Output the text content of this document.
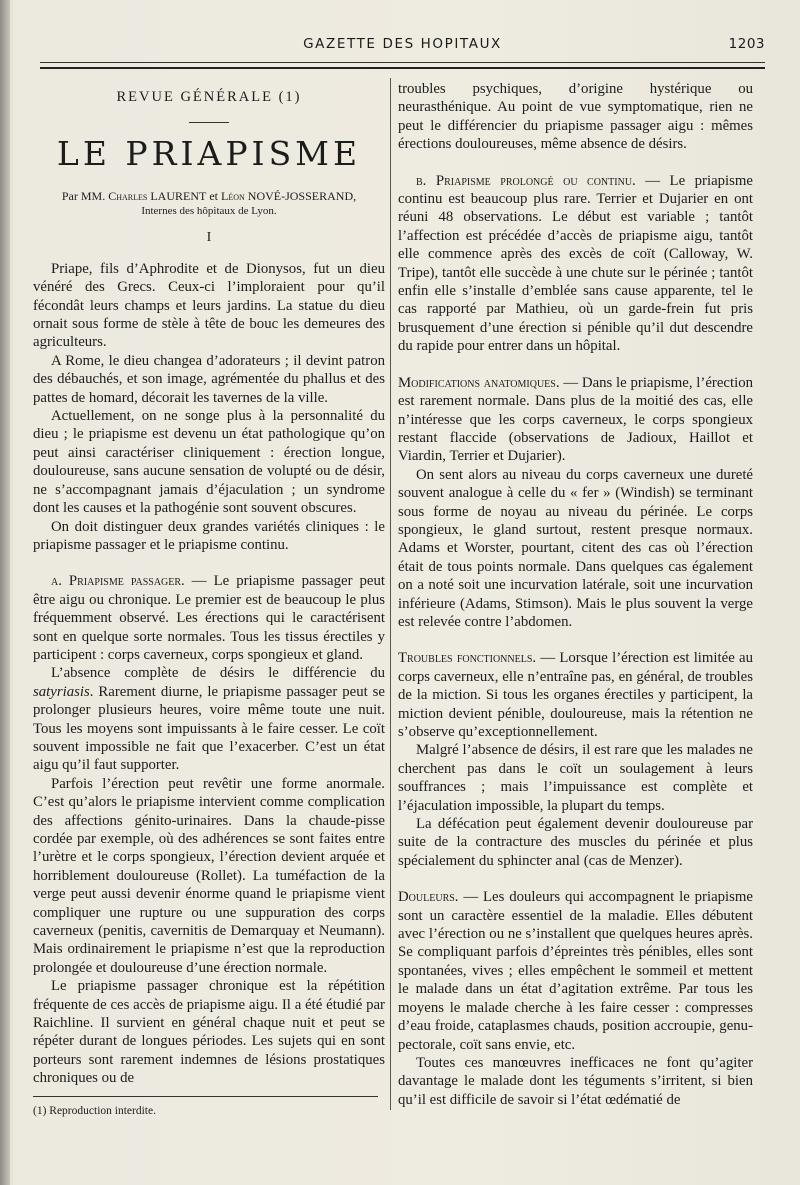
GAZETTE DES HOPITAUX	1203
REVUE GÉNÉRALE (1)
LE PRIAPISME
Par MM. Charles LAURENT et Léon NOVÉ-JOSSERAND,
Internes des hôpitaux de Lyon.
I

Priape, fils d’Aphrodite et de Dionysos, fut un dieu vénéré des Grecs. Ceux-ci l’imploraient pour qu’il fécondât leurs champs et leurs jardins. La statue du dieu ornait sous forme de stèle à tête de bouc les demeures des agriculteurs.

A Rome, le dieu changea d’adorateurs ; il devint patron des débauchés, et son image, agrémentée du phallus et des pattes de homard, décorait les tavernes de la ville.

Actuellement, on ne songe plus à la personnalité du dieu ; le priapisme est devenu un état pathologique qu’on peut ainsi caractériser cliniquement : érection longue, douloureuse, sans aucune sensation de volupté ou de désir, ne s’accompagnant jamais d’éjaculation ; un syndrome dont les causes et la pathogénie sont souvent obscures.

On doit distinguer deux grandes variétés cliniques : le priapisme passager et le priapisme continu.

a. Priapisme passager. — Le priapisme passager peut être aigu ou chronique. Le premier est de beaucoup le plus fréquemment observé. Les érections qui le caractérisent sont en quelque sorte normales. Tous les tissus érectiles y participent : corps caverneux, corps spongieux et gland.

L’absence complète de désirs le différencie du satyriasis. Rarement diurne, le priapisme passager peut se prolonger plusieurs heures, voire même toute une nuit. Tous les moyens sont impuissants à le faire cesser. Le coït souvent impossible ne fait que l’exacerber. C’est un état aigu qu’il faut supporter.

Parfois l’érection peut revêtir une forme anormale. C’est qu’alors le priapisme intervient comme complication des affections génito-urinaires. Dans la chaude-pisse cordée par exemple, où des adhérences se sont faites entre l’urètre et le corps spongieux, l’érection devient arquée et horriblement douloureuse (Rollet). La tuméfaction de la verge peut aussi devenir énorme quand le priapisme vient compliquer une rupture ou une suppuration des corps caverneux (penitis, cavernitis de Demarquay et Neumann). Mais ordinairement le priapisme n’est que la reproduction prolongée et douloureuse d’une érection normale.

Le priapisme passager chronique est la répétition fréquente de ces accès de priapisme aigu. Il a été étudié par Raichline. Il survient en général chaque nuit et peut se répéter durant de longues périodes. Les sujets qui en sont porteurs sont rarement indemnes de lésions prostatiques chroniques ou de

(1) Reproduction interdite.

troubles psychiques, d’origine hystérique ou neurasthénique. Au point de vue symptomatique, rien ne peut le différencier du priapisme passager aigu : mêmes érections douloureuses, même absence de désirs.

b. Priapisme prolongé ou continu. — Le priapisme continu est beaucoup plus rare. Terrier et Dujarier en ont réuni 48 observations. Le début est variable ; tantôt l’affection est précédée d’accès de priapisme aigu, tantôt elle commence après des excès de coït (Calloway, W. Tripe), tantôt elle succède à une chute sur le périnée ; tantôt enfin elle s’installe d’emblée sans cause apparente, tel le cas rapporté par Mathieu, où un garde-frein fut pris brusquement d’une érection si pénible qu’il dut descendre du rapide pour entrer dans un hôpital.

Modifications anatomiques. — Dans le priapisme, l’érection est rarement normale. Dans plus de la moitié des cas, elle n’intéresse que les corps caverneux, le corps spongieux restant flaccide (observations de Jadioux, Haillot et Viardin, Terrier et Dujarier).

On sent alors au niveau du corps caverneux une dureté souvent analogue à celle du « fer » (Windish) se terminant sous forme de noyau au niveau du périnée. Le corps spongieux, le gland surtout, restent presque normaux. Adams et Worster, pourtant, citent des cas où l’érection était de tous points normale. Dans quelques cas également on a noté soit une incurvation latérale, soit une incurvation inférieure (Adams, Stimson). Mais le plus souvent la verge est relevée contre l’abdomen.

Troubles fonctionnels. — Lorsque l’érection est limitée au corps caverneux, elle n’entraîne pas, en général, de troubles de la miction. Si tous les organes érectiles y participent, la miction devient pénible, douloureuse, mais la rétention ne s’observe qu’exceptionnellement.

Malgré l’absence de désirs, il est rare que les malades ne cherchent pas dans le coït un soulagement à leurs souffrances ; mais l’impuissance est complète et l’éjaculation impossible, la plupart du temps.

La défécation peut également devenir douloureuse par suite de la contracture des muscles du périnée et plus spécialement du sphincter anal (cas de Menzer).

Douleurs. — Les douleurs qui accompagnent le priapisme sont un caractère essentiel de la maladie. Elles débutent avec l’érection ou ne s’installent que quelques heures après. Se compliquant parfois d’épreintes très pénibles, elles sont spontanées, vives ; elles empêchent le sommeil et mettent le malade dans un état d’agitation extrême. Par tous les moyens le malade cherche à les faire cesser : compresses d’eau froide, cataplasmes chauds, position accroupie, genu-pectorale, coït sans envie, etc.

Toutes ces manœuvres inefficaces ne font qu’agiter davantage le malade dont les téguments s’irritent, si bien qu’il est difficile de savoir si l’état œdématié de
